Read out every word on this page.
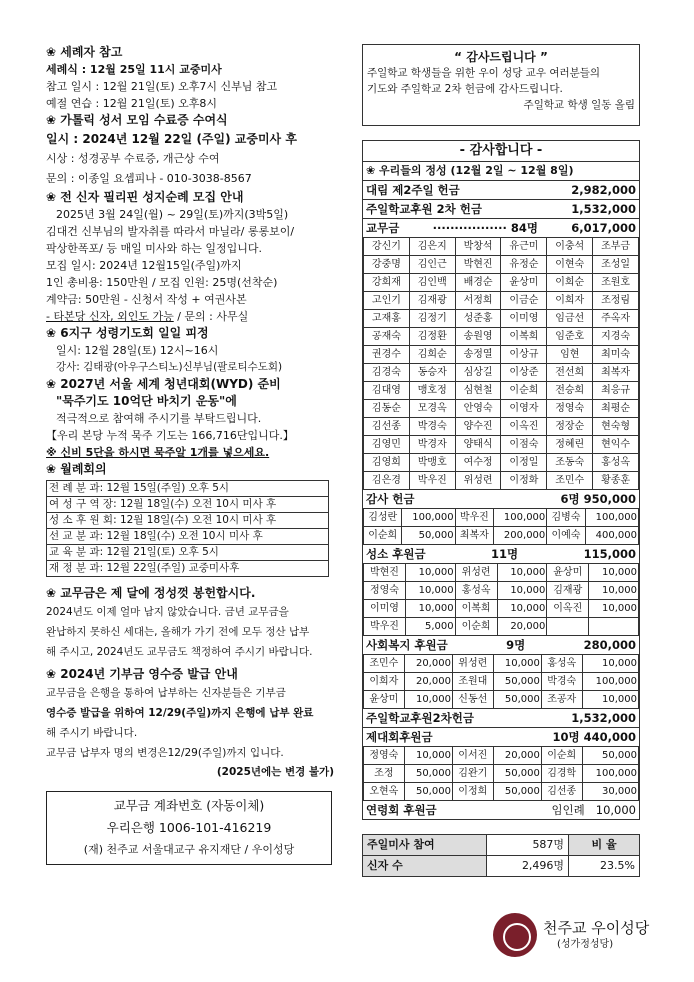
❀ 세례자 참고
세례식 : 12월 25일 11시 교중미사
참고 일시 : 12월 21일(토) 오후7시 신부님 참고
예절 연습 : 12월 21일(토) 오후8시
❀ 가톨릭 성서 모임 수료증 수여식
일시 : 2024년 12월 22일 (주일) 교중미사 후
시상 : 성경공부 수료증, 개근상 수여
문의 : 이종일 요셉피나 - 010-3038-8567
❀ 전 신자 필리핀 성지순례 모집 안내
2025년 3월 24일(월) ~ 29일(토)까지(3박5일)
김대건 신부님의 발자취를 따라서 마닐라/ 롱롱보이/
팍상한폭포/ 등 매일 미사와 하는 일정입니다.
모집 일시: 2024년 12월15일(주일)까지
1인 총비용: 150만원 / 모집 인원: 25명(선착순)
계약금: 50만원 - 신청서 작성 + 여권사본
- 타본당 신자, 외인도 가능 / 문의 : 사무실
❀ 6지구 성령기도회 일일 피정
일시: 12월 28일(토) 12시~16시
강사: 김태광(아우구스티노)신부님(팔로티수도회)
❀ 2027년 서울 세계 청년대회(WYD) 준비
"묵주기도 10억단 바치기 운동"에
적극적으로 참여해 주시기를 부탁드립니다.
【우리 본당 누적 묵주 기도는 166,716단입니다.】
※ 신비 5단을 하시면 묵주알 1개를 넣으세요.
❀ 월례회의
전 례 분 과: 12월 15일(주일) 오후 5시
여 성 구 역 장: 12월 18일(수) 오전 10시 미사 후
성 소 후 원 회: 12월 18일(수) 오전 10시 미사 후
선 교 분 과: 12월 18일(수) 오전 10시 미사 후
교 육 분 과: 12월 21일(토) 오후 5시
재 정 분 과: 12월 22일(주일) 교중미사후
❀ 교무금은 제 달에 정성껏 봉헌합시다.
2024년도 이제 얼마 남지 않았습니다. 금년 교무금을
완납하지 못하신 세대는, 올해가 가기 전에 모두 정산 납부
해 주시고, 2024년도 교무금도 책정하여 주시기 바랍니다.
❀ 2024년 기부금 영수증 발급 안내
교무금을 은행을 통하여 납부하는 신자분들은 기부금
영수증 발급을 위하여 12/29(주일)까지 은행에 납부 완료
해 주시기 바랍니다.
교무금 납부자 명의 변경은12/29(주일)까지 입니다.
(2025년에는 변경 불가)
교무금 계좌번호 (자동이체)
우리은행 1006-101-416219
(재) 천주교 서울대교구 유지재단 / 우이성당
“ 감사드립니다 ”
주일학교 학생들을 위한 우이 성당 교우 여러분들의
기도와 주일학교 2차 헌금에 감사드립니다.
주일학교 학생 일동 올림
- 감사합니다 -
❀ 우리들의 정성 (12월 2일 ~ 12월 8일)
대림 제2주일 헌금	2,982,000
주일학교후원 2차 헌금	1,532,000
교무금	················· 84명	6,017,000
강신기	김은지	박창석	유근미	이충석	조부금
강중명	김인근	박현진	유정순	이현숙	조성일
강희재	김인백	배경순	윤상미	이희순	조원호
고인기	김재광	서정희	이금순	이희자	조정림
고재홍	김정기	성준홍	이미영	임금선	주옥자
공재숙	김정환	송원영	이복희	임준호	지경숙
권경수	김희순	송정열	이상규	임현	최미숙
김경숙	동승자	심상길	이상준	전선희	최복자
김대영	맹호정	심현철	이순희	전승희	최응규
김동순	모경옥	안영숙	이영자	정영숙	최평순
김선종	박경숙	양수진	이옥진	정장순	현숙형
김영민	박경자	양태식	이점숙	정혜린	현익수
김영희	박맹호	여수정	이정일	조동숙	홍성옥
김은경	박우진	위성련	이정화	조민수	황종훈
감사 헌금	6명 950,000
김성란	100,000	박우진	100,000	김병숙	100,000
이순희	50,000	최복자	200,000	이예숙	400,000
성소 후원금	11명	115,000
박현진	10,000	위성련	10,000	윤상미	10,000
정영숙	10,000	홍성옥	10,000	김재광	10,000
이미영	10,000	이복희	10,000	이옥진	10,000
박우진	5,000	이순희	20,000		
사회복지 후원금	9명	280,000
조민수	20,000	위성련	10,000	홍성옥	10,000
이희자	20,000	조원대	50,000	박경숙	100,000
윤상미	10,000	신동선	50,000	조공자	10,000
주일학교후원2차헌금	1,532,000
제대회후원금	10명 440,000
정영숙	10,000	이서진	20,000	이순희	50,000
조정	50,000	김완기	50,000	김경학	100,000
오현옥	50,000	이정희	50,000	김선종	30,000
연령회 후원금	임인례 10,000
주일미사 참여	587명	비 율
신자 수	2,496명	23.5%
천주교 우이성당
(성가정성당)
